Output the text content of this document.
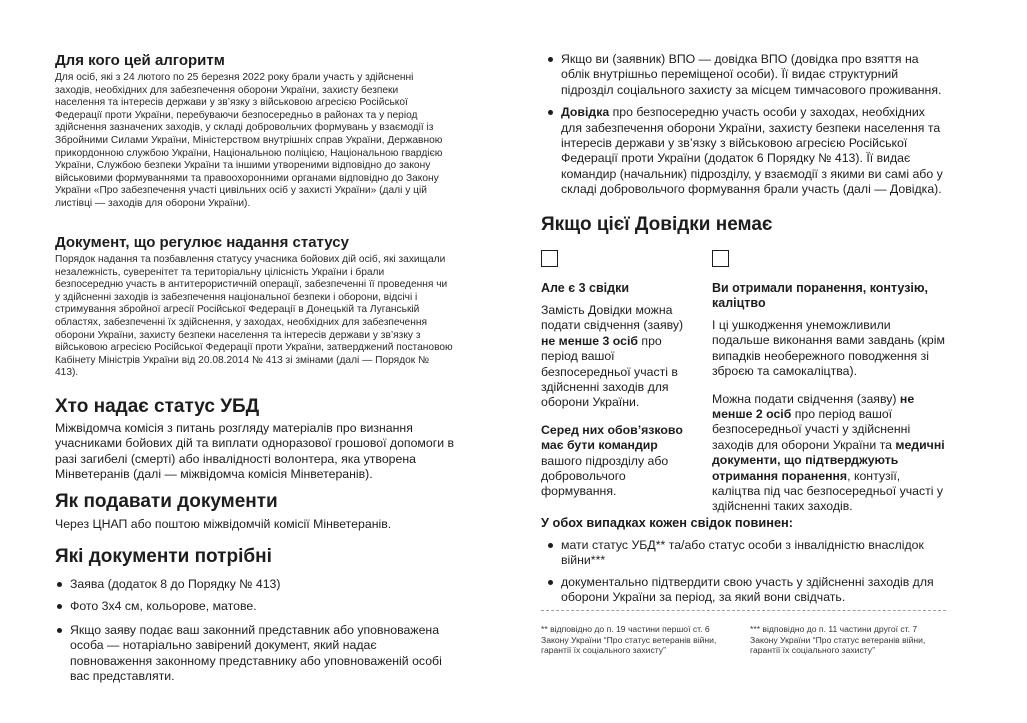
Для кого цей алгоритм

Для осіб, які з 24 лютого по 25 березня 2022 року брали участь у здійсненні заходів, необхідних для забезпечення оборони України, захисту безпеки населення та інтересів держави у зв’язку з військовою агресією Російської Федерації проти України, перебуваючи безпосередньо в районах та у період здійснення зазначених заходів, у складі добровольчих формувань у взаємодії із Збройними Силами України, Міністерством внутрішніх справ України, Державною прикордонною службою України, Національною поліцією, Національною гвардією України, Службою безпеки України та іншими утвореними відповідно до закону військовими формуваннями та правоохоронними органами відповідно до Закону України «Про забезпечення участі цивільних осіб у захисті України» (далі у цій листівці — заходів для оборони України).

Документ, що регулює надання статусу

Порядок надання та позбавлення статусу учасника бойових дій осіб, які захищали незалежність, суверенітет та територіальну цілісність України і брали безпосередню участь в антитерористичній операції, забезпеченні її проведення чи у здійсненні заходів із забезпечення національної безпеки і оборони, відсічі і стримування збройної агресії Російської Федерації в Донецькій та Луганській областях, забезпеченні їх здійснення, у заходах, необхідних для забезпечення оборони України, захисту безпеки населення та інтересів держави у зв’язку з військовою агресією Російської Федерації проти України, затверджений постановою Кабінету Міністрів України від 20.08.2014 № 413 зі змінами (далі — Порядок № 413).

Хто надає статус УБД

Міжвідомча комісія з питань розгляду матеріалів про визнання учасниками бойових дій та виплати одноразової грошової допомоги в разі загибелі (смерті) або інвалідності волонтера, яка утворена Мінветеранів (далі — міжвідомча комісія Мінветеранів).

Як подавати документи

Через ЦНАП або поштою міжвідомчій комісії Мінветеранів.

Які документи потрібні
Заява (додаток 8 до Порядку № 413)
Фото 3х4 см, кольорове, матове.
Якщо заяву подає ваш законний представник або уповноважена особа — нотаріально завірений документ, який надає повноваження законному представнику або уповноваженій особі вас представляти.
Якщо ви (заявник) ВПО — довідка ВПО (довідка про взяття на облік внутрішньо переміщеної особи). Її видає структурний підрозділ соціального захисту за місцем тимчасового проживання.
Довідка про безпосередню участь особи у заходах, необхідних для забезпечення оборони України, захисту безпеки населення та інтересів держави у зв’язку з військовою агресією Російської Федерації проти України (додаток 6 Порядку № 413). Її видає командир (начальник) підрозділу, у взаємодії з якими ви самі або у складі добровольчого формування брали участь (далі — Довідка).
Якщо цієї Довідки немає
Але є 3 свідки

Замість Довідки можна подати свідчення (заяву) не менше 3 осіб про період вашої безпосередньої участі в здійсненні заходів для оборони України.

Серед них обов’язково має бути командир вашого підрозділу або добровольчого формування.

Ви отримали поранення, контузію, каліцтво

І ці ушкодження унеможливили подальше виконання вами завдань (крім випадків необережного поводження зі зброєю та самокаліцтва).

Можна подати свідчення (заяву) не менше 2 осіб про період вашої безпосередньої участі у здійсненні заходів для оборони України та медичні документи, що підтверджують отримання поранення, контузії, каліцтва під час безпосередньої участі у здійсненні таких заходів.

У обох випадках кожен свідок повинен:
мати статус УБД** та/або статус особи з інвалідністю внаслідок війни***
документально підтвердити свою участь у здійсненні заходів для оборони України за період, за який вони свідчать.
** відповідно до п. 19 частини першої ст. 6 Закону України “Про статус ветеранів війни, гарантії їх соціального захисту”
*** відповідно до п. 11 частини другої ст. 7 Закону України “Про статус ветеранів війни, гарантії їх соціального захисту”
